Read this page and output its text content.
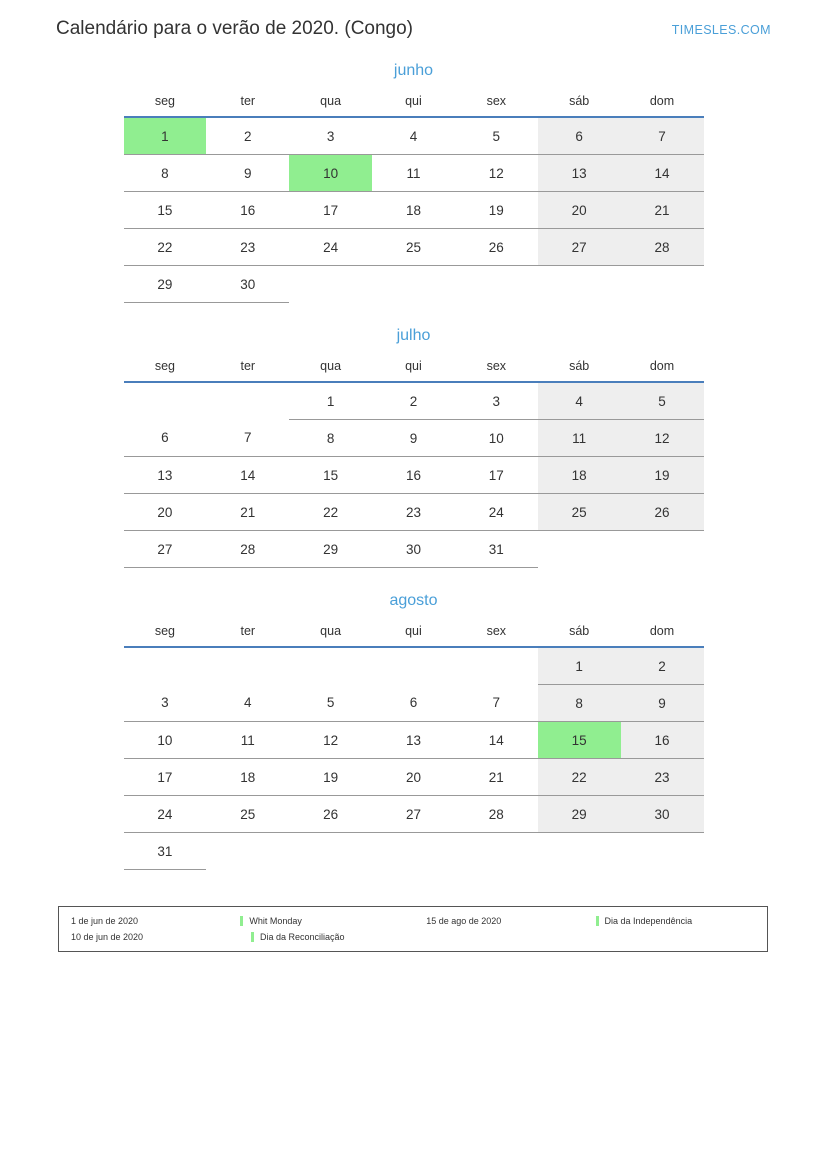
Calendário para o verão de 2020. (Congo)	TIMESLES.COM
junho
seg	ter	qua	qui	sex	sáb	dom

1	2	3	4	5	6	7

8	9	10	11	12	13	14

15	16	17	18	19	20	21

22	23	24	25	26	27	28

29	30					

julho
seg	ter	qua	qui	sex	sáb	dom

		1	2	3	4	5

6	7	8	9	10	11	12

13	14	15	16	17	18	19

20	21	22	23	24	25	26

27	28	29	30	31		

agosto
seg	ter	qua	qui	sex	sáb	dom

					1	2

3	4	5	6	7	8	9

10	11	12	13	14	15	16

17	18	19	20	21	22	23

24	25	26	27	28	29	30

31						

1 de jun de 2020	Whit Monday	15 de ago de 2020	Dia da Independência
10 de jun de 2020	Dia da Reconciliação
